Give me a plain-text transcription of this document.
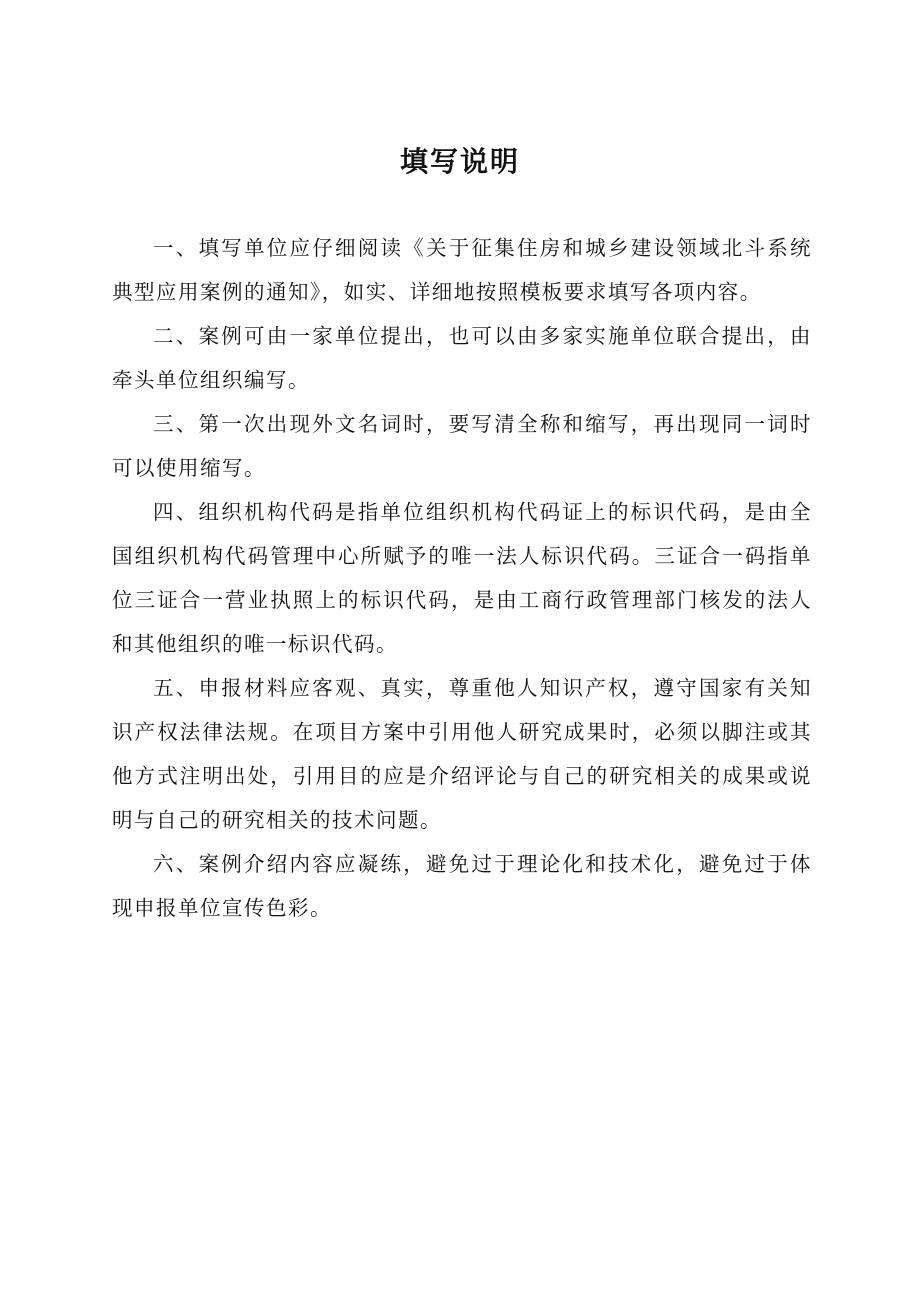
填写说明

一、填写单位应仔细阅读《关于征集住房和城乡建设领域北斗系统典型应用案例的通知》，如实、详细地按照模板要求填写各项内容。

二、案例可由一家单位提出，也可以由多家实施单位联合提出，由牵头单位组织编写。

三、第一次出现外文名词时，要写清全称和缩写，再出现同一词时可以使用缩写。

四、组织机构代码是指单位组织机构代码证上的标识代码，是由全国组织机构代码管理中心所赋予的唯一法人标识代码。三证合一码指单位三证合一营业执照上的标识代码，是由工商行政管理部门核发的法人和其他组织的唯一标识代码。

五、申报材料应客观、真实，尊重他人知识产权，遵守国家有关知识产权法律法规。在项目方案中引用他人研究成果时，必须以脚注或其他方式注明出处，引用目的应是介绍评论与自己的研究相关的成果或说明与自己的研究相关的技术问题。

六、案例介绍内容应凝练，避免过于理论化和技术化，避免过于体现申报单位宣传色彩。
